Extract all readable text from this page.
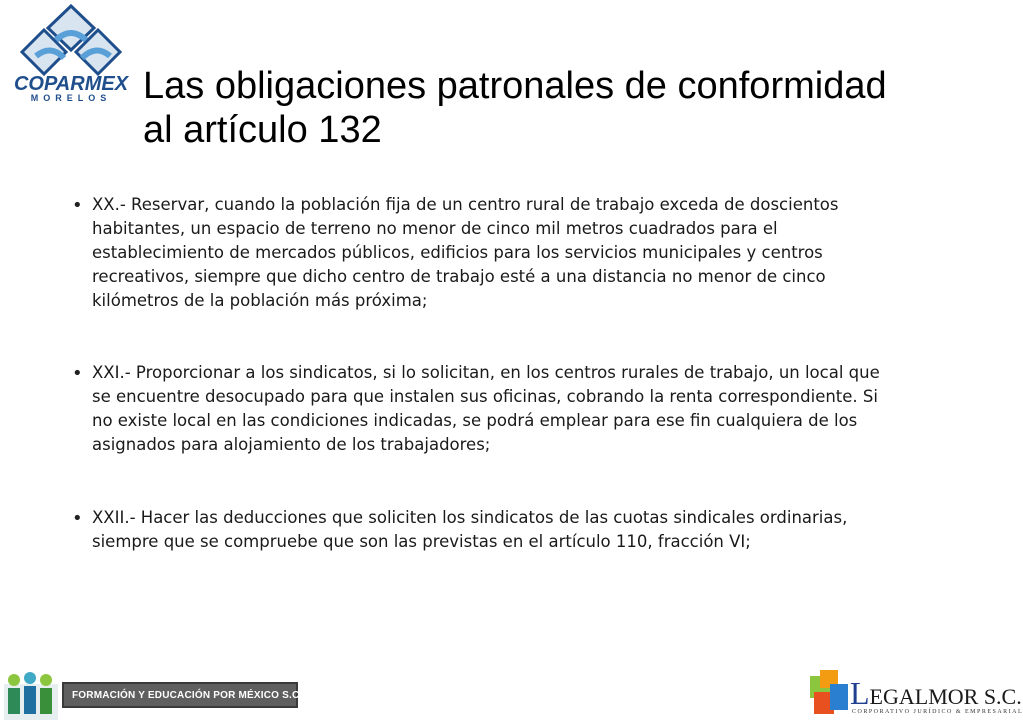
COPARMEX
MORELOS Las obligaciones patronales de conformidad al artículo 132
• XX.- Reservar, cuando la población fija de un centro rural de trabajo exceda de doscientos habitantes, un espacio de terreno no menor de cinco mil metros cuadrados para el establecimiento de mercados públicos, edificios para los servicios municipales y centros recreativos, siempre que dicho centro de trabajo esté a una distancia no menor de cinco kilómetros de la población más próxima;
• XXI.- Proporcionar a los sindicatos, si lo solicitan, en los centros rurales de trabajo, un local que se encuentre desocupado para que instalen sus oficinas, cobrando la renta correspondiente. Si no existe local en las condiciones indicadas, se podrá emplear para ese fin cualquiera de los asignados para alojamiento de los trabajadores;
• XXII.- Hacer las deducciones que soliciten los sindicatos de las cuotas sindicales ordinarias, siempre que se compruebe que son las previstas en el artículo 110, fracción VI;
FORMACIÓN Y EDUCACIÓN POR MÉXICO S.C.	LEGALMOR S.C.
CORPORATIVO JURÍDICO & EMPRESARIAL
